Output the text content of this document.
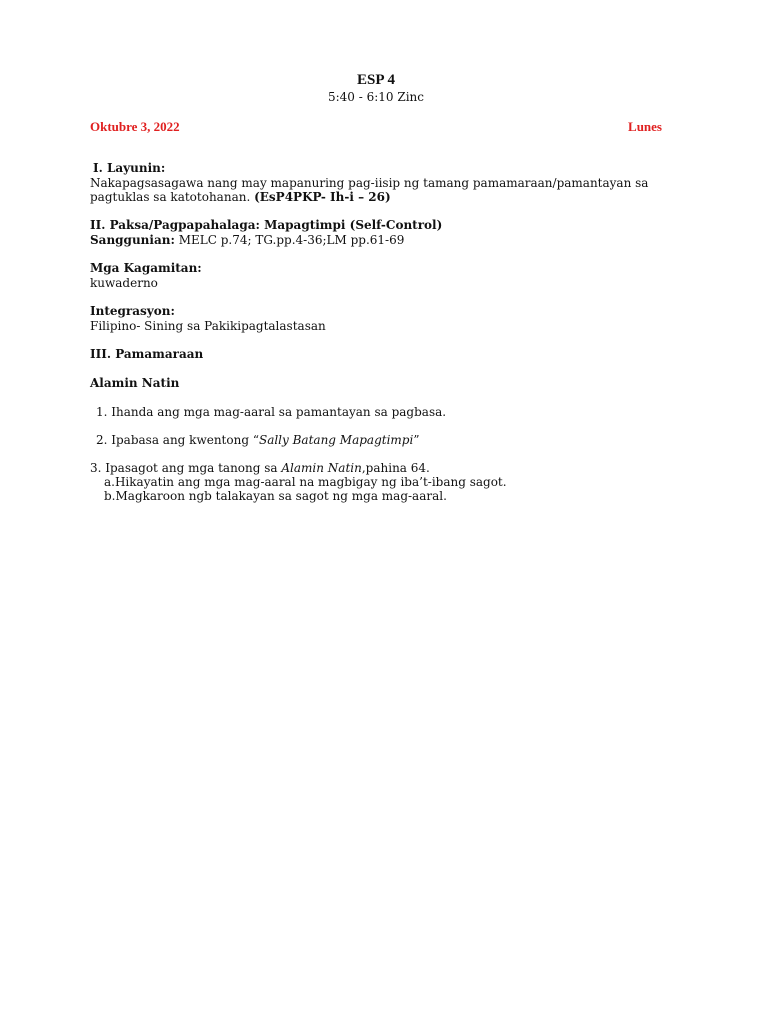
ESP 4
5:40 - 6:10 Zinc
Oktubre 3, 2022	Lunes
I. Layunin:

Nakapagsasagawa nang may mapanuring pag-iisip ng tamang pamamaraan/pamantayan sa

pagtuklas sa katotohanan. (EsP4PKP- Ih-i – 26)

II. Paksa/Pagpapahalaga: Mapagtimpi (Self-Control)

Sanggunian: MELC p.74; TG.pp.4-36;LM pp.61-69

Mga Kagamitan:

kuwaderno

Integrasyon:

Filipino- Sining sa Pakikipagtalastasan

III. Pamamaraan
Alamin Natin
1. Ihanda ang mga mag-aaral sa pamantayan sa pagbasa.
2. Ipabasa ang kwentong “Sally Batang Mapagtimpi”
3. Ipasagot ang mga tanong sa Alamin Natin,pahina 64.
a.Hikayatin ang mga mag-aaral na magbigay ng iba’t-ibang sagot.
b.Magkaroon ngb talakayan sa sagot ng mga mag-aaral.
